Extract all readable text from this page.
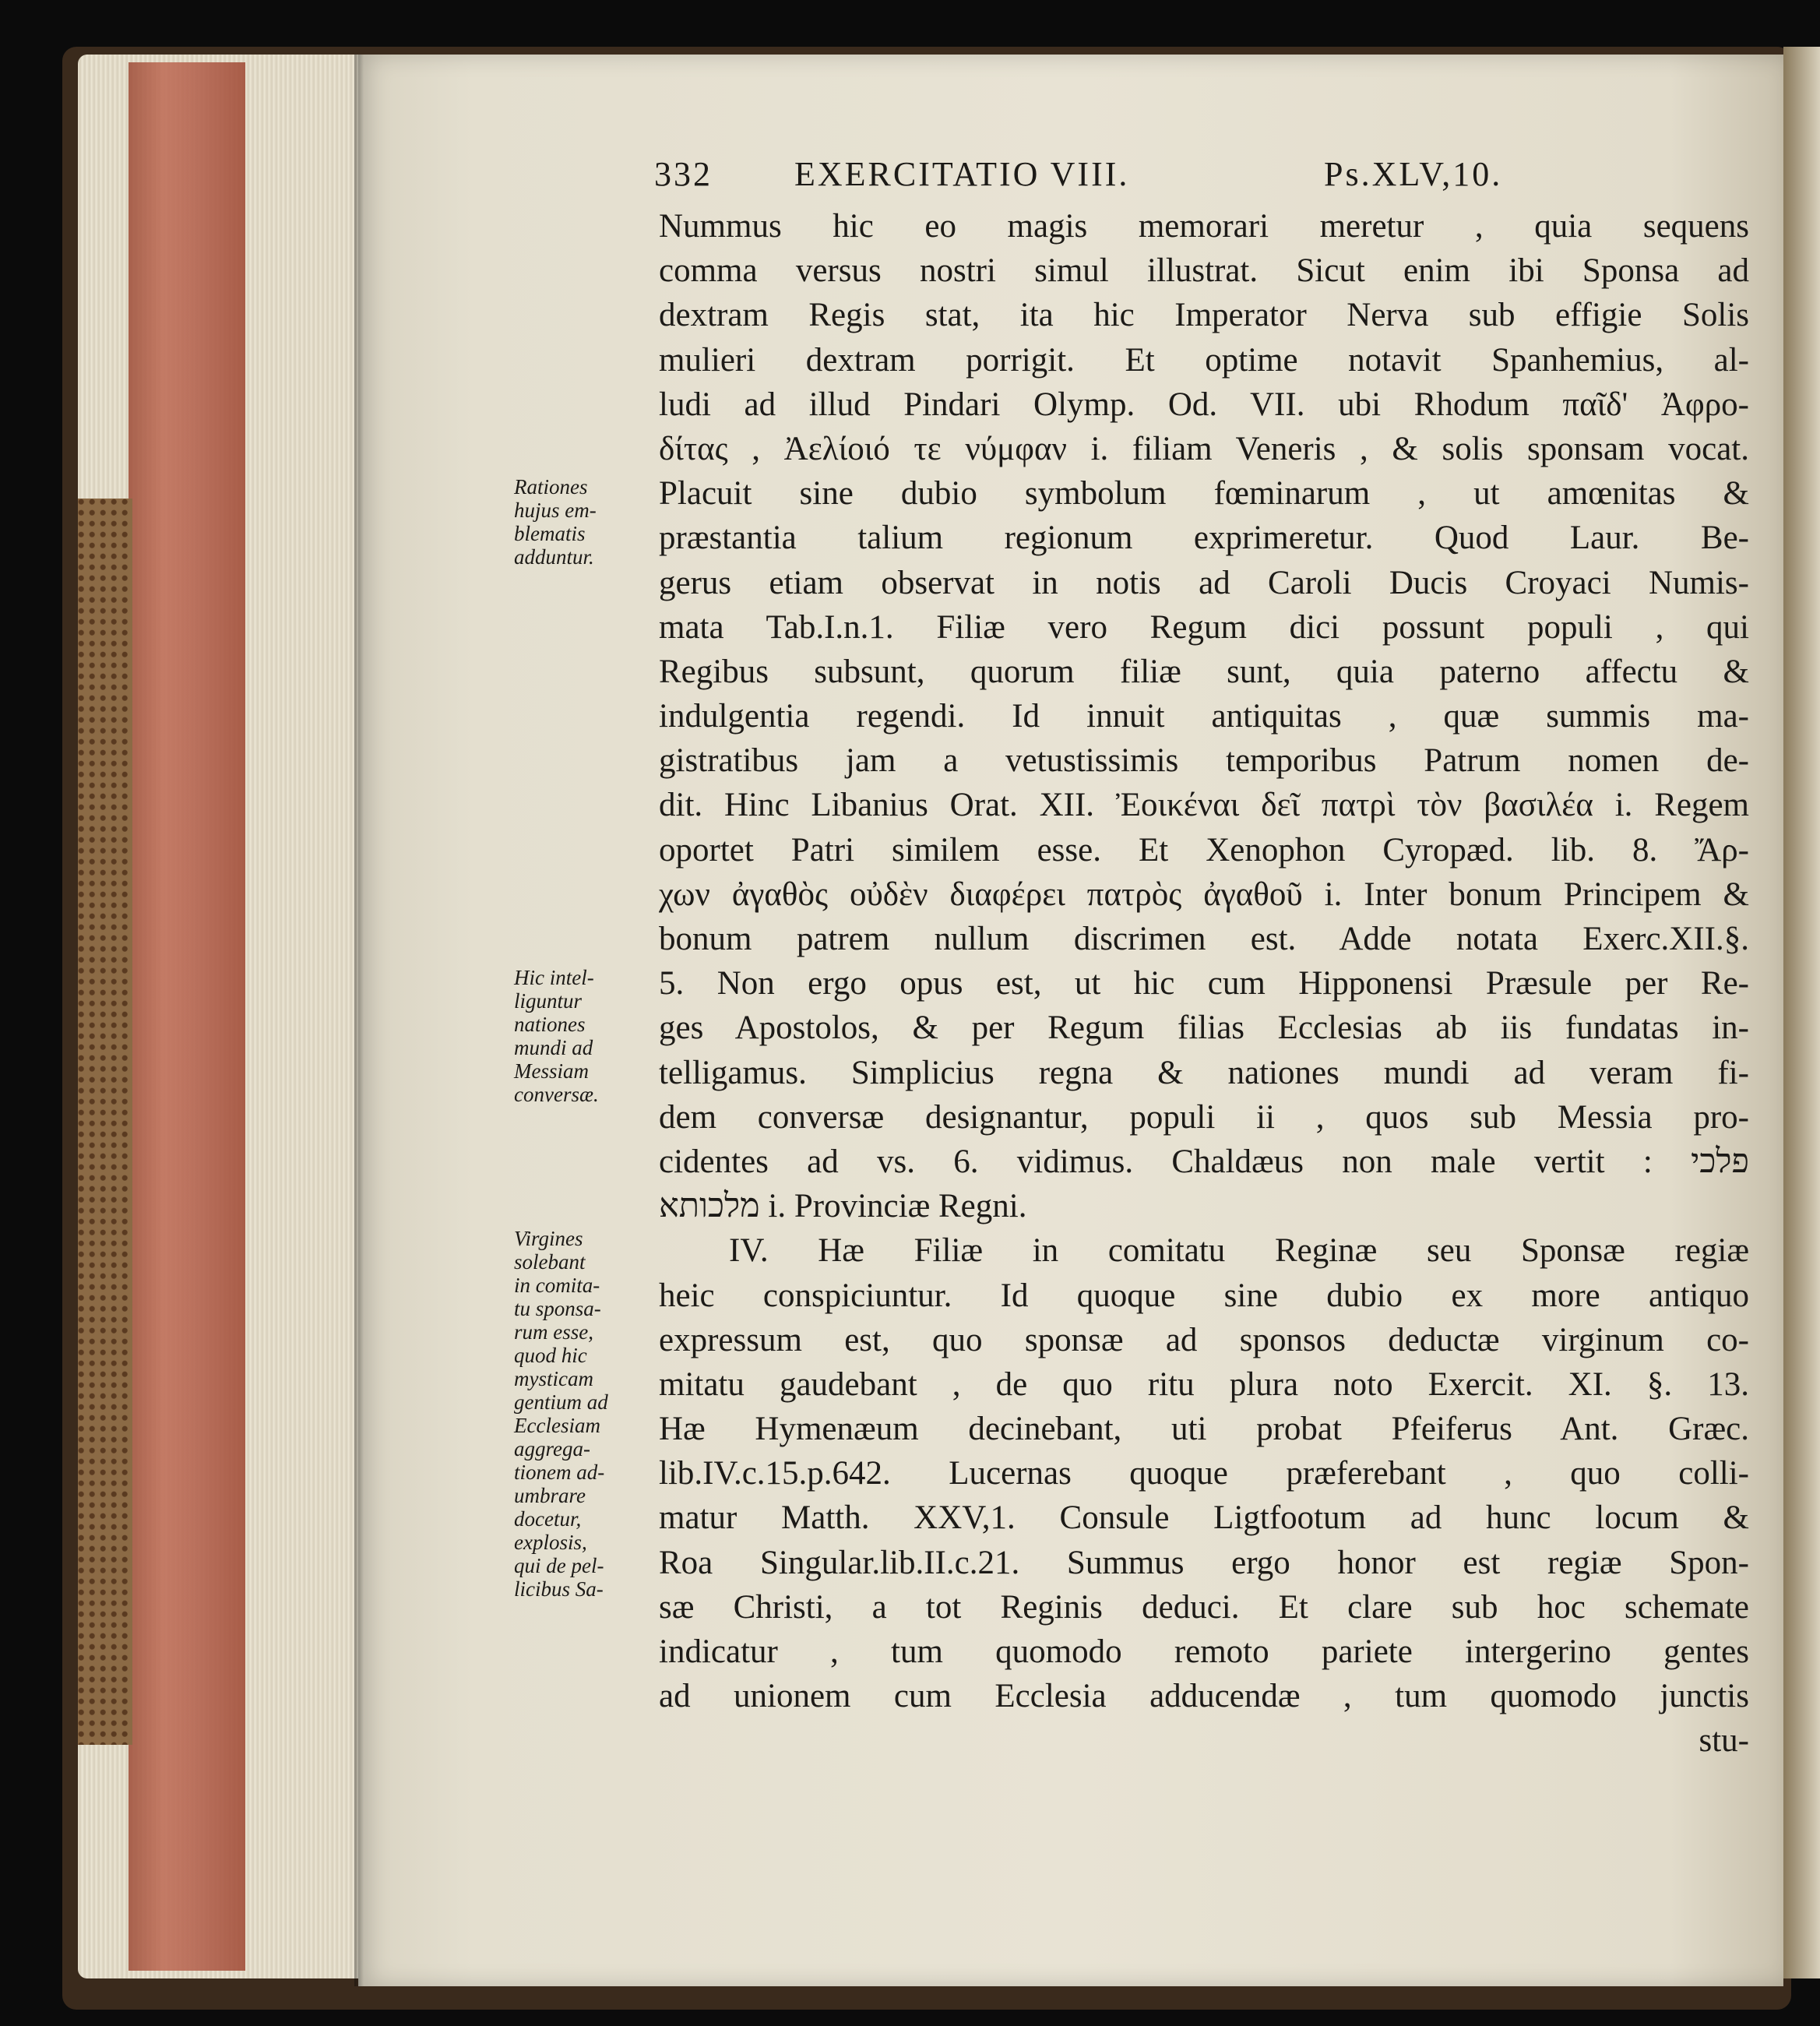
332 EXERCITATIO VIII.	Ps.XLV,10.
Rationes
hujus em-
blematis
adduntur.
Hic intel-
liguntur
nationes
mundi ad
Messiam
conversæ.
Virgines
solebant
in comita-
tu sponsa-
rum esse,
quod hic
mysticam
gentium ad
Ecclesiam
aggrega-
tionem ad-
umbrare
docetur,
explosis,
qui de pel-
licibus Sa-
Nummus hic eo magis memorari meretur , quia sequens
comma versus nostri simul illustrat. Sicut enim ibi Sponsa ad
dextram Regis stat, ita hic Imperator Nerva sub effigie Solis
mulieri dextram porrigit. Et optime notavit Spanhemius, al-
ludi ad illud Pindari Olymp. Od. VII. ubi Rhodum παῖδ' Ἀφρο-
δίτας , Ἀελίοιό τε νύμφαν i. filiam Veneris , & solis sponsam vocat.
Placuit sine dubio symbolum fœminarum , ut amœnitas &
præstantia talium regionum exprimeretur. Quod Laur. Be-
gerus etiam observat in notis ad Caroli Ducis Croyaci Numis-
mata Tab.I.n.1. Filiæ vero Regum dici possunt populi , qui
Regibus subsunt, quorum filiæ sunt, quia paterno affectu &
indulgentia regendi. Id innuit antiquitas , quæ summis ma-
gistratibus jam a vetustissimis temporibus Patrum nomen de-
dit. Hinc Libanius Orat. XII. Ἐοικέναι δεῖ πατρὶ τὸν βασιλέα i. Regem
oportet Patri similem esse. Et Xenophon Cyropæd. lib. 8. Ἄρ-
χων ἀγαθὸς οὐδὲν διαφέρει πατρὸς ἀγαθοῦ i. Inter bonum Principem &
bonum patrem nullum discrimen est. Adde notata Exerc.XII.§.
5. Non ergo opus est, ut hic cum Hipponensi Præsule per Re-
ges Apostolos, & per Regum filias Ecclesias ab iis fundatas in-
telligamus. Simplicius regna & nationes mundi ad veram fi-
dem conversæ designantur, populi ii , quos sub Messia pro-
cidentes ad vs. 6. vidimus. Chaldæus non male vertit : פלכי
מלכותא i. Provinciæ Regni.
IV. Hæ Filiæ in comitatu Reginæ seu Sponsæ regiæ
heic conspiciuntur. Id quoque sine dubio ex more antiquo
expressum est, quo sponsæ ad sponsos deductæ virginum co-
mitatu gaudebant , de quo ritu plura noto Exercit. XI. §. 13.
Hæ Hymenæum decinebant, uti probat Pfeiferus Ant. Græc.
lib.IV.c.15.p.642. Lucernas quoque præferebant , quo colli-
matur Matth. XXV,1. Consule Ligtfootum ad hunc locum &
Roa Singular.lib.II.c.21. Summus ergo honor est regiæ Spon-
sæ Christi, a tot Reginis deduci. Et clare sub hoc schemate
indicatur , tum quomodo remoto pariete intergerino gentes
ad unionem cum Ecclesia adducendæ , tum quomodo junctis
stu-
